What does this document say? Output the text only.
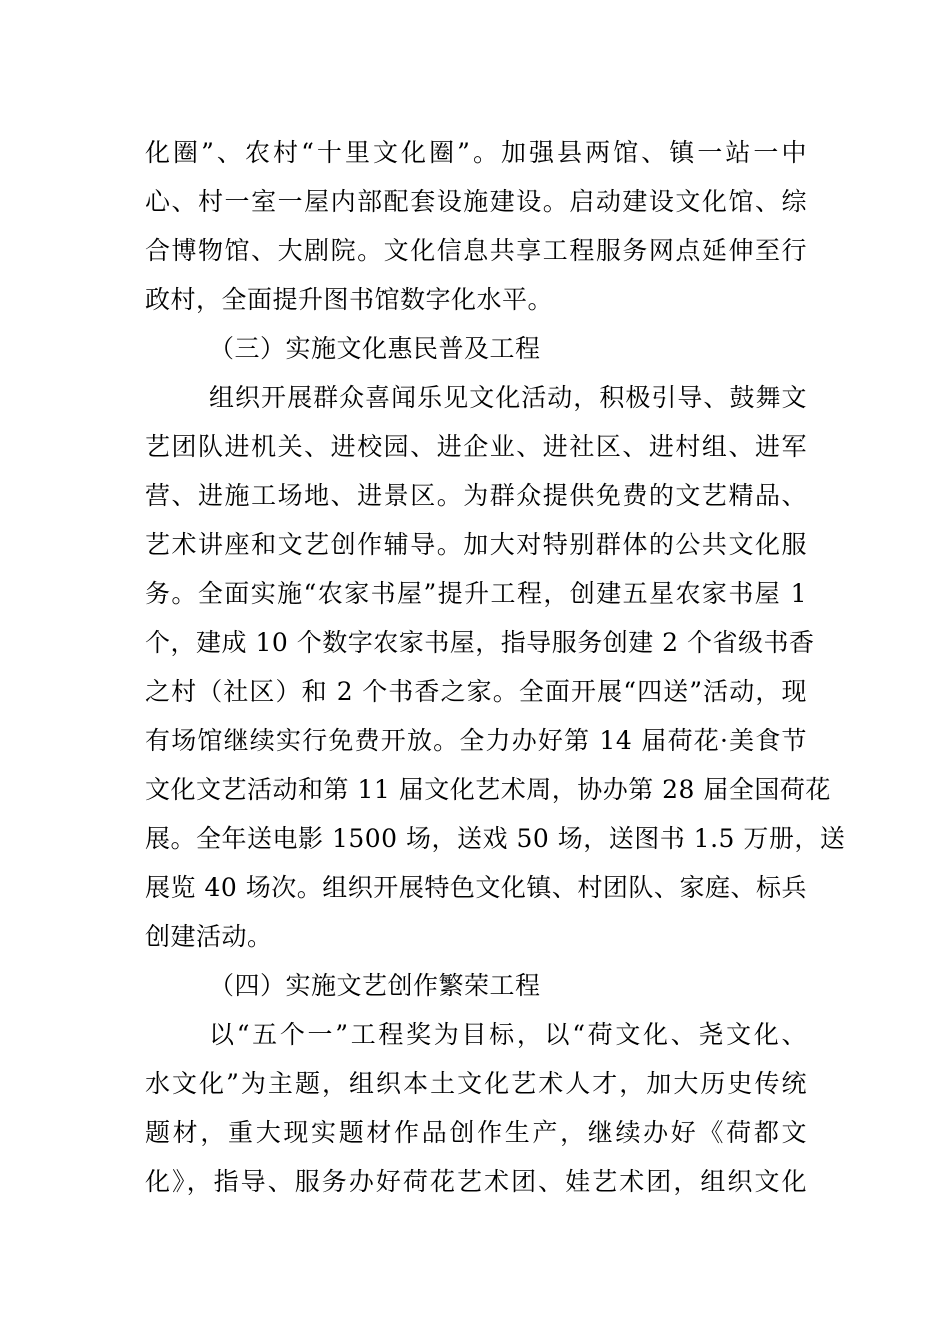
化圈”、农村“十里文化圈”。加强县两馆、镇一站一中
心、村一室一屋内部配套设施建设。启动建设文化馆、综
合博物馆、大剧院。文化信息共享工程服务网点延伸至行
政村，全面提升图书馆数字化水平。
（三）实施文化惠民普及工程
组织开展群众喜闻乐见文化活动，积极引导、鼓舞文
艺团队进机关、进校园、进企业、进社区、进村组、进军
营、进施工场地、进景区。为群众提供免费的文艺精品、
艺术讲座和文艺创作辅导。加大对特别群体的公共文化服
务。全面实施“农家书屋”提升工程，创建五星农家书屋 1
个，建成 10 个数字农家书屋，指导服务创建 2 个省级书香
之村（社区）和 2 个书香之家。全面开展“四送”活动，现
有场馆继续实行免费开放。全力办好第 14 届荷花·美食节
文化文艺活动和第 11 届文化艺术周，协办第 28 届全国荷花
展。全年送电影 1500 场，送戏 50 场，送图书 1.5 万册，送
展览 40 场次。组织开展特色文化镇、村团队、家庭、标兵
创建活动。
（四）实施文艺创作繁荣工程
以“五个一”工程奖为目标，以“荷文化、尧文化、
水文化”为主题，组织本土文化艺术人才，加大历史传统
题材，重大现实题材作品创作生产，继续办好《荷都文
化》，指导、服务办好荷花艺术团、娃艺术团，组织文化
